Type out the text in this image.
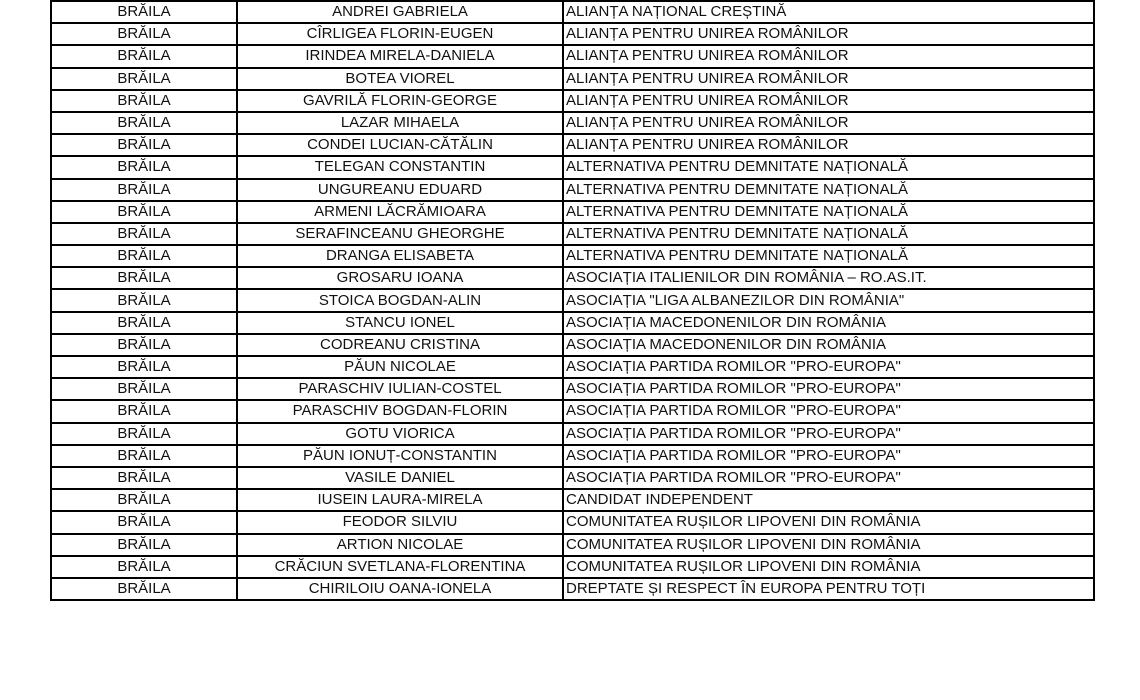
BRĂILA	ANDREI GABRIELA	ALIANȚA NAȚIONAL CREȘTINĂ
BRĂILA	CÎRLIGEA FLORIN-EUGEN	ALIANȚA PENTRU UNIREA ROMÂNILOR
BRĂILA	IRINDEA MIRELA-DANIELA	ALIANȚA PENTRU UNIREA ROMÂNILOR
BRĂILA	BOTEA VIOREL	ALIANȚA PENTRU UNIREA ROMÂNILOR
BRĂILA	GAVRILĂ FLORIN-GEORGE	ALIANȚA PENTRU UNIREA ROMÂNILOR
BRĂILA	LAZAR MIHAELA	ALIANȚA PENTRU UNIREA ROMÂNILOR
BRĂILA	CONDEI LUCIAN-CĂTĂLIN	ALIANȚA PENTRU UNIREA ROMÂNILOR
BRĂILA	TELEGAN CONSTANTIN	ALTERNATIVA PENTRU DEMNITATE NAȚIONALĂ
BRĂILA	UNGUREANU EDUARD	ALTERNATIVA PENTRU DEMNITATE NAȚIONALĂ
BRĂILA	ARMENI LĂCRĂMIOARA	ALTERNATIVA PENTRU DEMNITATE NAȚIONALĂ
BRĂILA	SERAFINCEANU GHEORGHE	ALTERNATIVA PENTRU DEMNITATE NAȚIONALĂ
BRĂILA	DRANGA ELISABETA	ALTERNATIVA PENTRU DEMNITATE NAȚIONALĂ
BRĂILA	GROSARU IOANA	ASOCIAȚIA ITALIENILOR DIN ROMÂNIA – RO.AS.IT.
BRĂILA	STOICA BOGDAN-ALIN	ASOCIAȚIA "LIGA ALBANEZILOR DIN ROMÂNIA"
BRĂILA	STANCU IONEL	ASOCIAȚIA MACEDONENILOR DIN ROMÂNIA
BRĂILA	CODREANU CRISTINA	ASOCIAȚIA MACEDONENILOR DIN ROMÂNIA
BRĂILA	PĂUN NICOLAE	ASOCIAȚIA PARTIDA ROMILOR "PRO-EUROPA"
BRĂILA	PARASCHIV IULIAN-COSTEL	ASOCIAȚIA PARTIDA ROMILOR "PRO-EUROPA"
BRĂILA	PARASCHIV BOGDAN-FLORIN	ASOCIAȚIA PARTIDA ROMILOR "PRO-EUROPA"
BRĂILA	GOTU VIORICA	ASOCIAȚIA PARTIDA ROMILOR "PRO-EUROPA"
BRĂILA	PĂUN IONUȚ-CONSTANTIN	ASOCIAȚIA PARTIDA ROMILOR "PRO-EUROPA"
BRĂILA	VASILE DANIEL	ASOCIAȚIA PARTIDA ROMILOR "PRO-EUROPA"
BRĂILA	IUSEIN LAURA-MIRELA	CANDIDAT INDEPENDENT
BRĂILA	FEODOR SILVIU	COMUNITATEA RUȘILOR LIPOVENI DIN ROMÂNIA
BRĂILA	ARTION NICOLAE	COMUNITATEA RUȘILOR LIPOVENI DIN ROMÂNIA
BRĂILA	CRĂCIUN SVETLANA-FLORENTINA	COMUNITATEA RUȘILOR LIPOVENI DIN ROMÂNIA
BRĂILA	CHIRILOIU OANA-IONELA	DREPTATE ȘI RESPECT ÎN EUROPA PENTRU TOȚI
